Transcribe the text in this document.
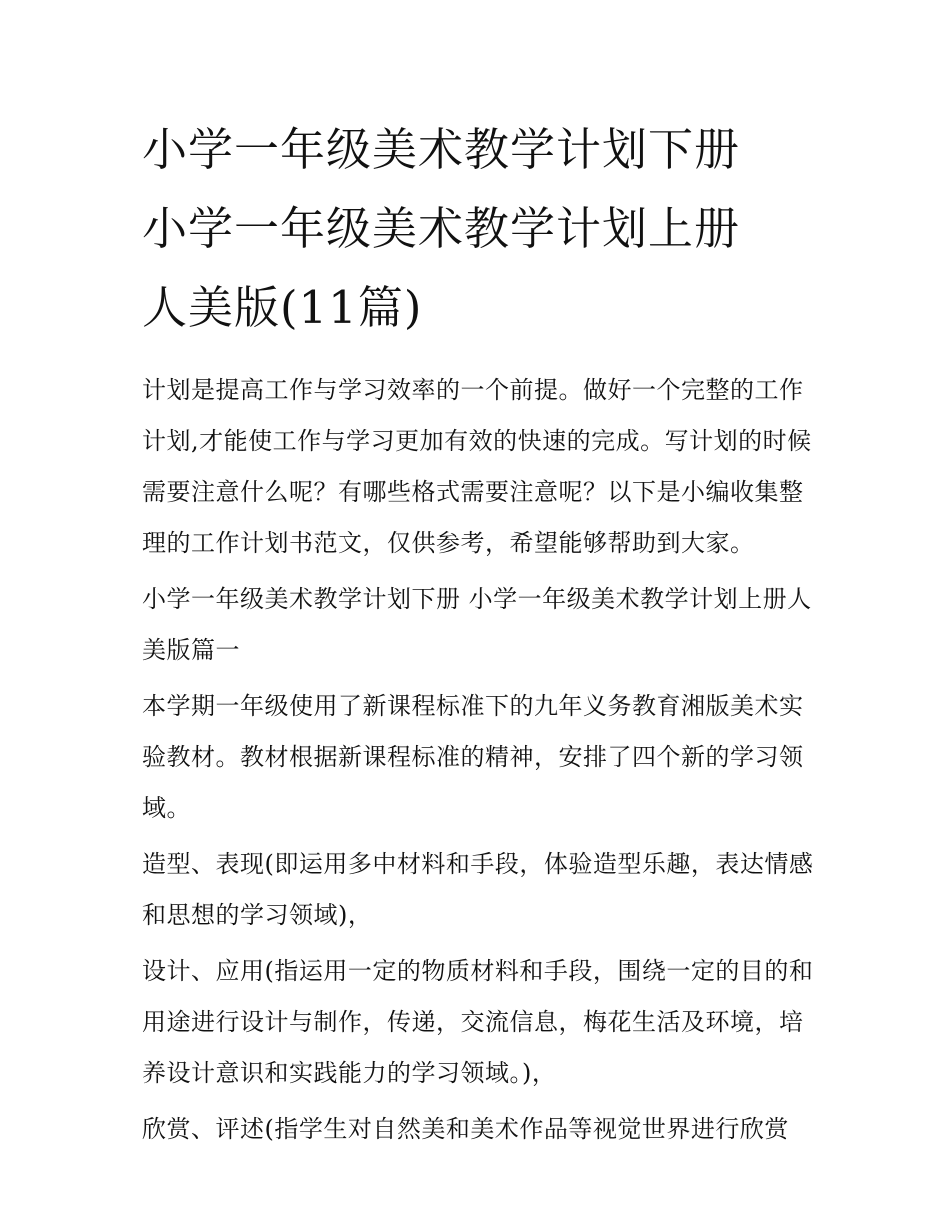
小学一年级美术教学计划下册
小学一年级美术教学计划上册
人美版(11篇)

计划是提高工作与学习效率的一个前提。做好一个完整的工作计划,才能使工作与学习更加有效的快速的完成。写计划的时候需要注意什么呢？有哪些格式需要注意呢？以下是小编收集整理的工作计划书范文，仅供参考，希望能够帮助到大家。

小学一年级美术教学计划下册 小学一年级美术教学计划上册人美版篇一

本学期一年级使用了新课程标准下的九年义务教育湘版美术实验教材。教材根据新课程标准的精神，安排了四个新的学习领域。

造型、表现(即运用多中材料和手段，体验造型乐趣，表达情感和思想的学习领域)，

设计、应用(指运用一定的物质材料和手段，围绕一定的目的和用途进行设计与制作，传递，交流信息，梅花生活及环境，培养设计意识和实践能力的学习领域。)，

欣赏、评述(指学生对自然美和美术作品等视觉世界进行欣赏
